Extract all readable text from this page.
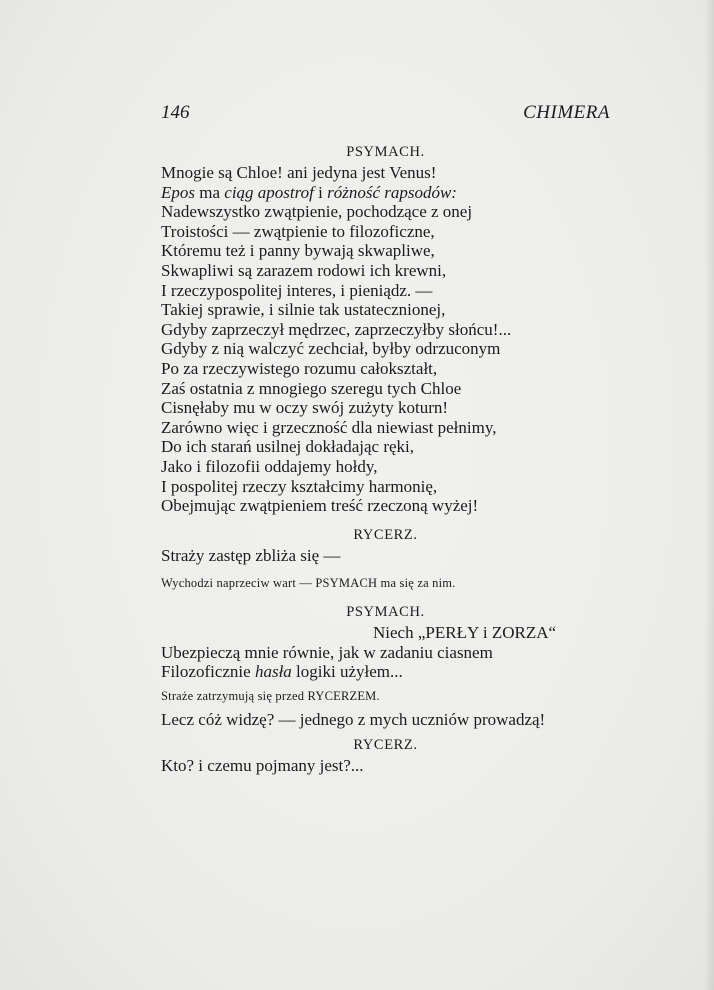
146	CHIMERA
PSYMACH.
Mnogie są Chloe! ani jedyna jest Venus!
Epos ma ciąg apostrof i różność rapsodów:
Nadewszystko zwątpienie, pochodzące z onej
Troistości — zwątpienie to filozoficzne,
Któremu też i panny bywają skwapliwe,
Skwapliwi są zarazem rodowi ich krewni,
I rzeczypospolitej interes, i pieniądz. —
Takiej sprawie, i silnie tak ustatecznionej,
Gdyby zaprzeczył mędrzec, zaprzeczyłby słońcu!...
Gdyby z nią walczyć zechciał, byłby odrzuconym
Po za rzeczywistego rozumu całokształt,
Zaś ostatnia z mnogiego szeregu tych Chloe
Cisnęłaby mu w oczy swój zużyty koturn!
Zarówno więc i grzeczność dla niewiast pełnimy,
Do ich starań usilnej dokładając ręki,
Jako i filozofii oddajemy hołdy,
I pospolitej rzeczy kształcimy harmonię,
Obejmując zwątpieniem treść rzeczoną wyżej!
RYCERZ.
Straży zastęp zbliża się —
Wychodzi naprzeciw wart — PSYMACH ma się za nim.
PSYMACH.
Niech „PERŁY i ZORZA“
Ubezpieczą mnie równie, jak w zadaniu ciasnem
Filozoficznie hasła logiki użyłem...
Straże zatrzymują się przed RYCERZEM.
Lecz cóż widzę? — jednego z mych uczniów prowadzą!
RYCERZ.
Kto? i czemu pojmany jest?...
